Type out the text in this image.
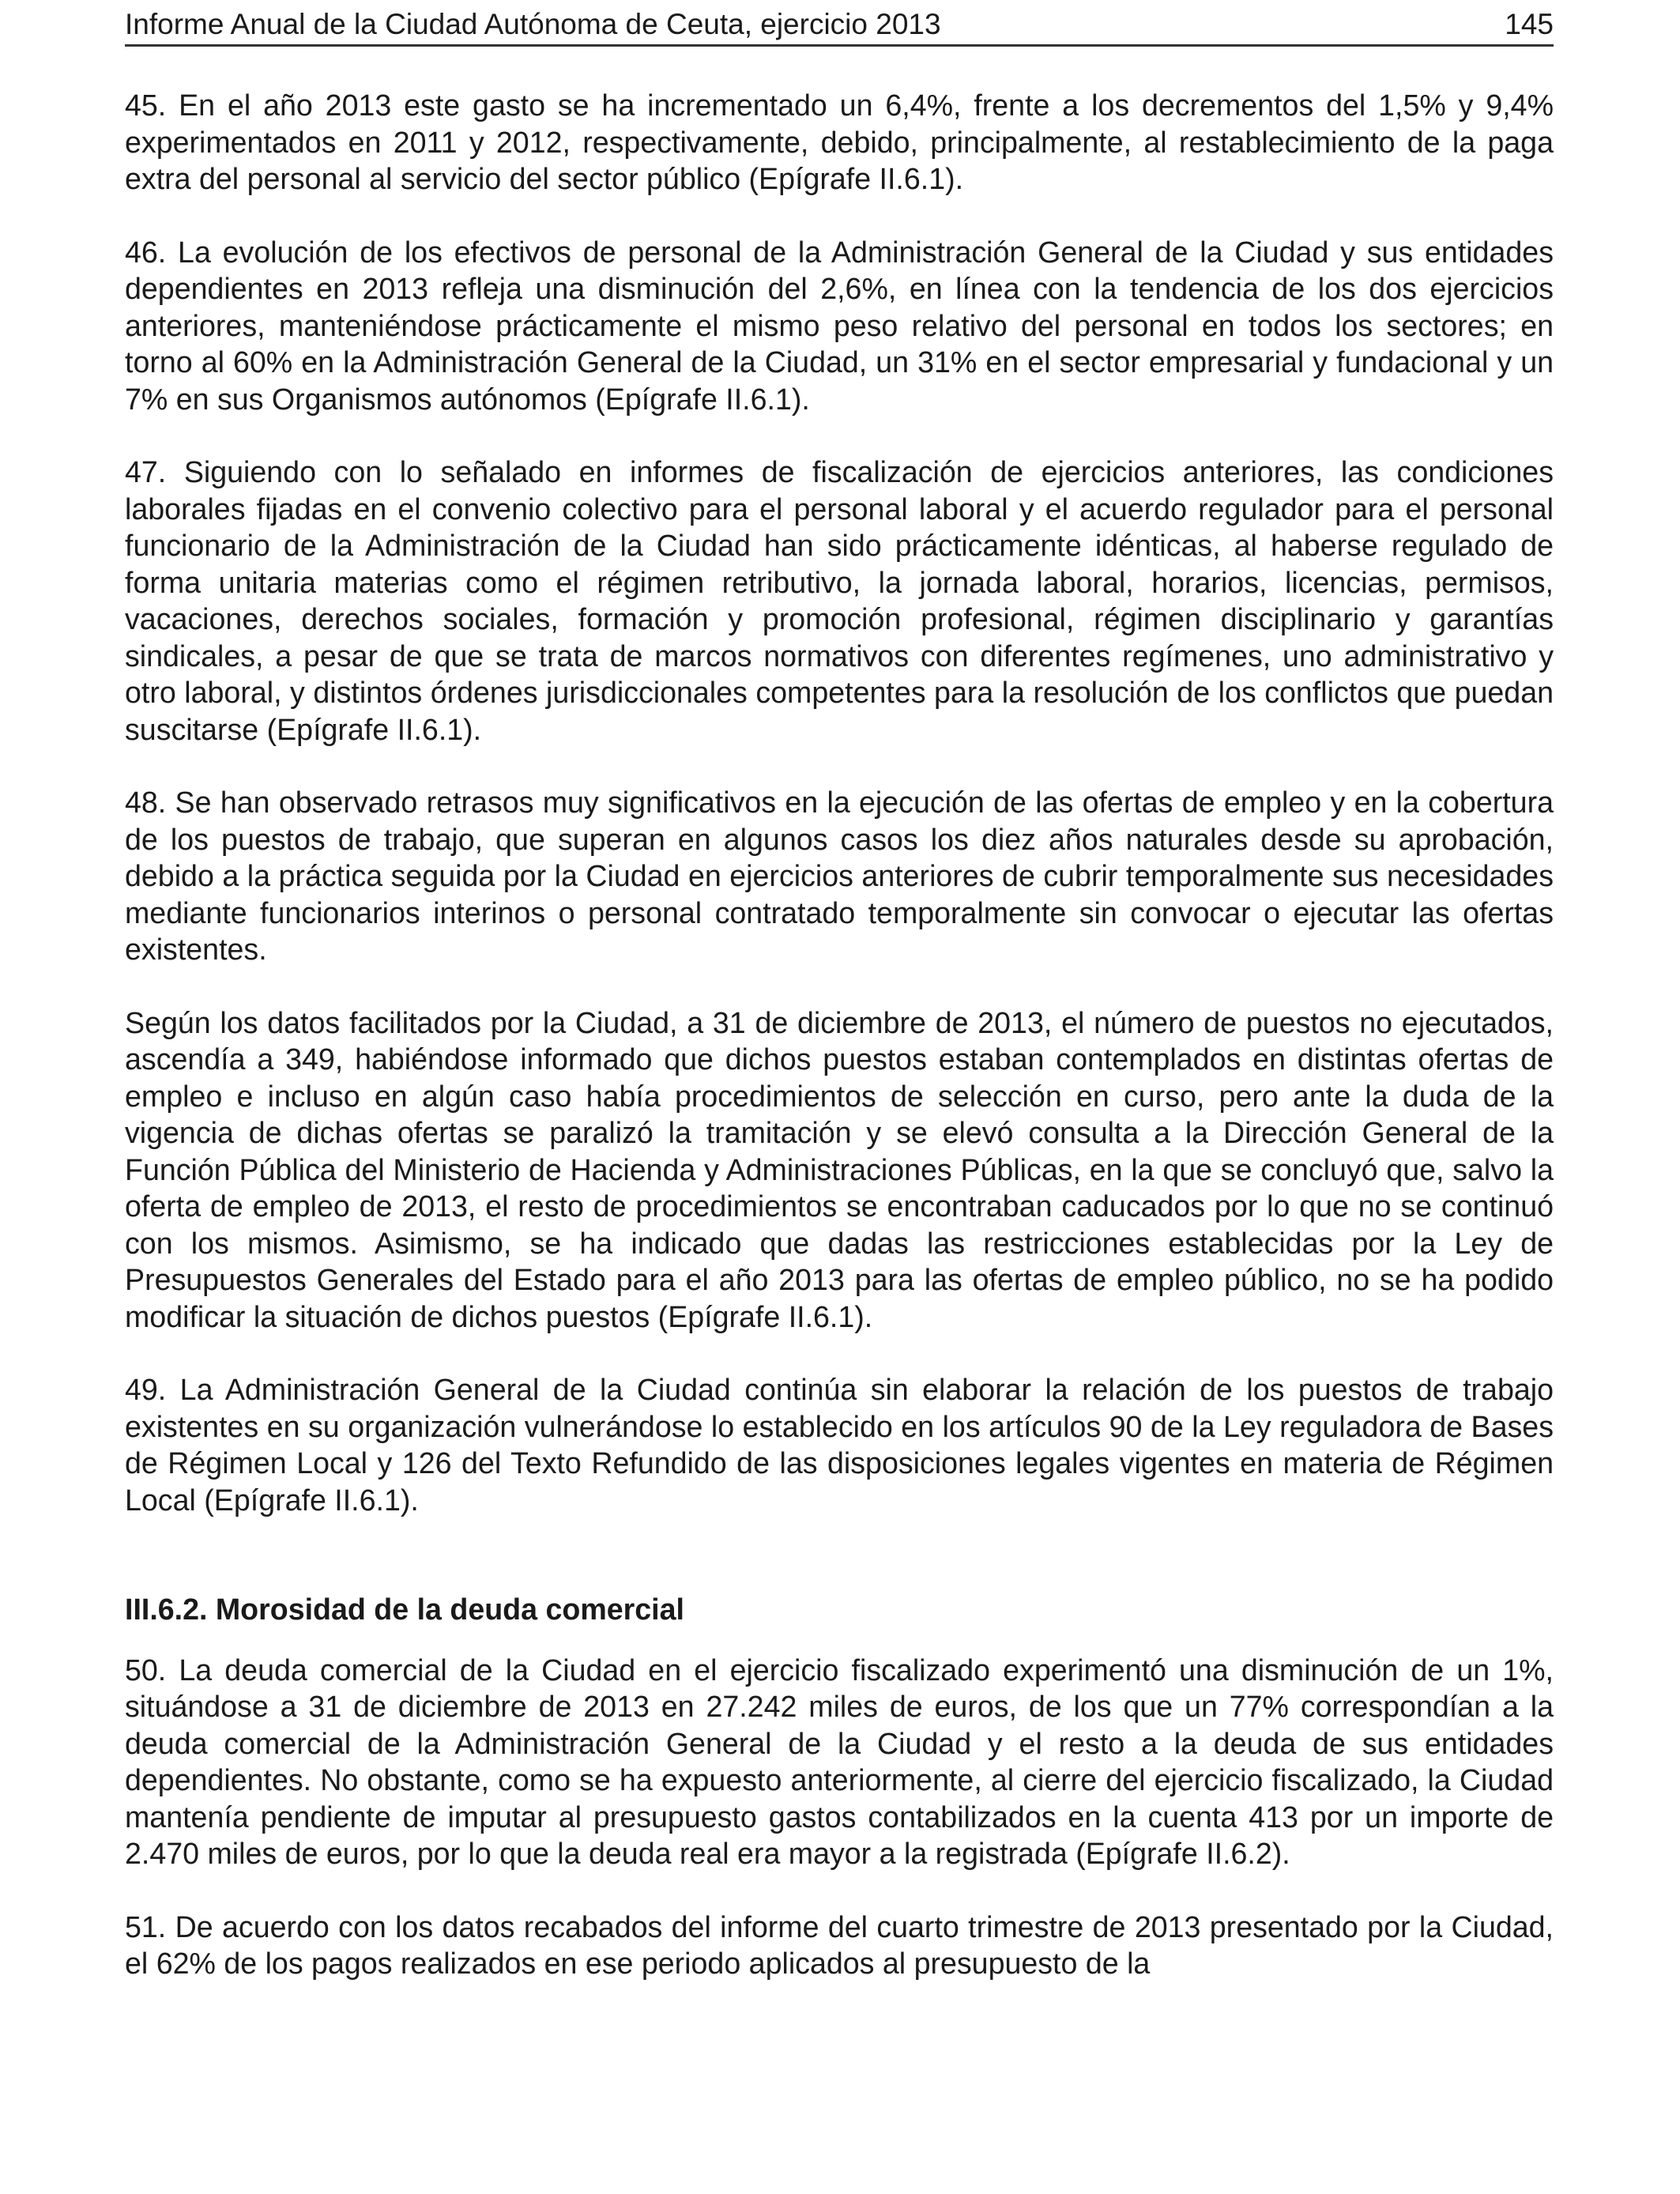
Informe Anual de la Ciudad Autónoma de Ceuta, ejercicio 2013	145

45. En el año 2013 este gasto se ha incrementado un 6,4%, frente a los decrementos del 1,5% y 9,4% experimentados en 2011 y 2012, respectivamente, debido, principalmente, al restablecimiento de la paga extra del personal al servicio del sector público (Epígrafe II.6.1).

46. La evolución de los efectivos de personal de la Administración General de la Ciudad y sus entidades dependientes en 2013 refleja una disminución del 2,6%, en línea con la tendencia de los dos ejercicios anteriores, manteniéndose prácticamente el mismo peso relativo del personal en todos los sectores; en torno al 60% en la Administración General de la Ciudad, un 31% en el sector empresarial y fundacional y un 7% en sus Organismos autónomos (Epígrafe II.6.1).

47. Siguiendo con lo señalado en informes de fiscalización de ejercicios anteriores, las condiciones laborales fijadas en el convenio colectivo para el personal laboral y el acuerdo regulador para el personal funcionario de la Administración de la Ciudad han sido prácticamente idénticas, al haberse regulado de forma unitaria materias como el régimen retributivo, la jornada laboral, horarios, licencias, permisos, vacaciones, derechos sociales, formación y promoción profesional, régimen disciplinario y garantías sindicales, a pesar de que se trata de marcos normativos con diferentes regímenes, uno administrativo y otro laboral, y distintos órdenes jurisdiccionales competentes para la resolución de los conflictos que puedan suscitarse (Epígrafe II.6.1).

48. Se han observado retrasos muy significativos en la ejecución de las ofertas de empleo y en la cobertura de los puestos de trabajo, que superan en algunos casos los diez años naturales desde su aprobación, debido a la práctica seguida por la Ciudad en ejercicios anteriores de cubrir temporalmente sus necesidades mediante funcionarios interinos o personal contratado temporalmente sin convocar o ejecutar las ofertas existentes.

Según los datos facilitados por la Ciudad, a 31 de diciembre de 2013, el número de puestos no ejecutados, ascendía a 349, habiéndose informado que dichos puestos estaban contemplados en distintas ofertas de empleo e incluso en algún caso había procedimientos de selección en curso, pero ante la duda de la vigencia de dichas ofertas se paralizó la tramitación y se elevó consulta a la Dirección General de la Función Pública del Ministerio de Hacienda y Administraciones Públicas, en la que se concluyó que, salvo la oferta de empleo de 2013, el resto de procedimientos se encontraban caducados por lo que no se continuó con los mismos. Asimismo, se ha indicado que dadas las restricciones establecidas por la Ley de Presupuestos Generales del Estado para el año 2013 para las ofertas de empleo público, no se ha podido modificar la situación de dichos puestos (Epígrafe II.6.1).

49. La Administración General de la Ciudad continúa sin elaborar la relación de los puestos de trabajo existentes en su organización vulnerándose lo establecido en los artículos 90 de la Ley reguladora de Bases de Régimen Local y 126 del Texto Refundido de las disposiciones legales vigentes en materia de Régimen Local (Epígrafe II.6.1).

III.6.2. Morosidad de la deuda comercial

50. La deuda comercial de la Ciudad en el ejercicio fiscalizado experimentó una disminución de un 1%, situándose a 31 de diciembre de 2013 en 27.242 miles de euros, de los que un 77% correspondían a la deuda comercial de la Administración General de la Ciudad y el resto a la deuda de sus entidades dependientes. No obstante, como se ha expuesto anteriormente, al cierre del ejercicio fiscalizado, la Ciudad mantenía pendiente de imputar al presupuesto gastos contabilizados en la cuenta 413 por un importe de 2.470 miles de euros, por lo que la deuda real era mayor a la registrada (Epígrafe II.6.2).

51. De acuerdo con los datos recabados del informe del cuarto trimestre de 2013 presentado por la Ciudad, el 62% de los pagos realizados en ese periodo aplicados al presupuesto de la
